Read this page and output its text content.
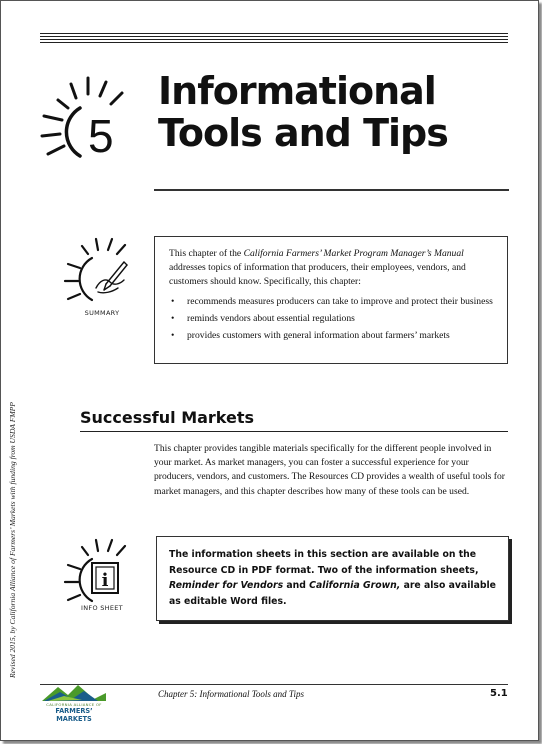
5
Informational
Tools and Tips
SUMMARY

This chapter of the California Farmers’ Market Program Manager’s Manual addresses topics of information that producers, their employees, vendors, and customers should know. Specifically, this chapter:

• recommends measures producers can take to improve and protect their business
• reminds vendors about essential regulations
• provides customers with general information about farmers’ markets
Revised 2015, by California Alliance of Farmers’ Markets with funding from USDA FMPP	Successful Markets

This chapter provides tangible materials specifically for the different people involved in your market. As market managers, you can foster a successful experience for your producers, vendors, and customers. The Resources CD provides a wealth of useful tools for market managers, and this chapter describes how many of these tools can be used.

i
INFO SHEET
The information sheets in this section are available on the Resource CD in PDF format. Two of the information sheets, Reminder for Vendors and California Grown, are also available as editable Word files.
CALIFORNIA ALLIANCE OF
FARMERS’ MARKETS
Chapter 5: Informational Tools and Tips	5.1
